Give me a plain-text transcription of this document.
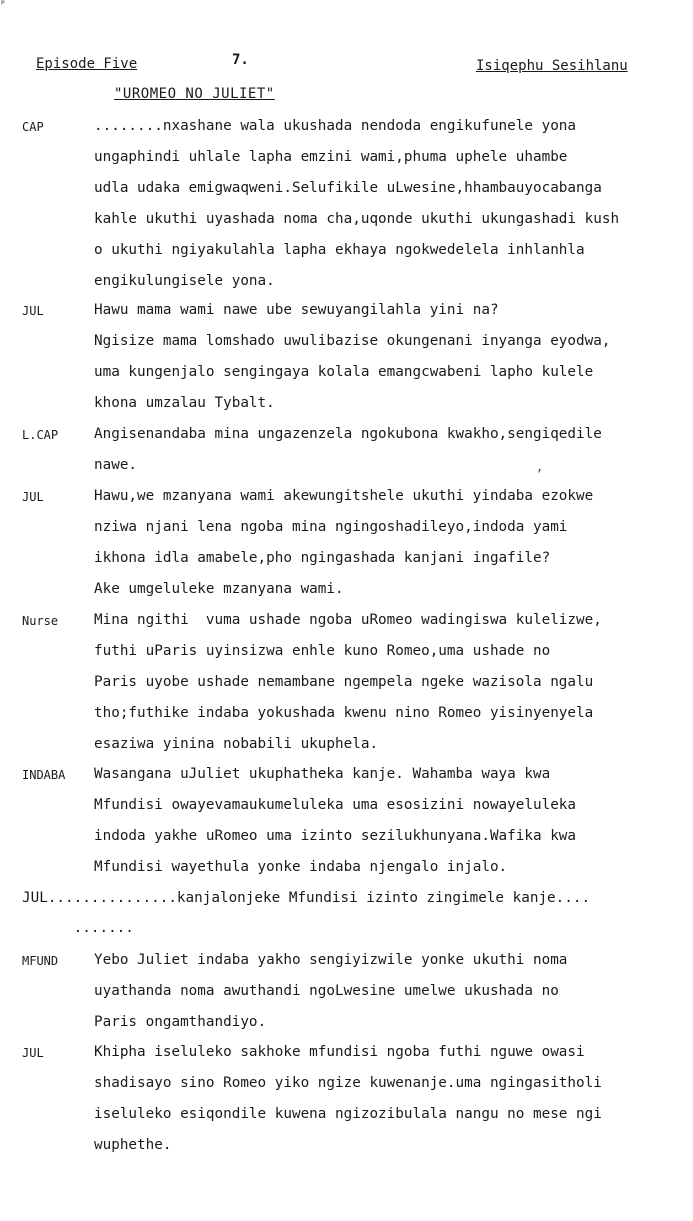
ᴾ
Episode Five	7.	Isiqephu Sesihlanu
"UROMEO NO JULIET"
CAP	........nxashane wala ukushada nendoda engikufunele yona
ungaphindi uhlale lapha emzini wami,phuma uphele uhambe
udla udaka emigwaqweni.Selufikile uLwesine,hhambauyocabanga
kahle ukuthi uyashada noma cha,uqonde ukuthi ukungashadi kush
o ukuthi ngiyakulahla lapha ekhaya ngokwedelela inhlanhla
engikulungisele yona.
JUL	Hawu mama wami nawe ube sewuyangilahla yini na?
Ngisize mama lomshado uwulibazise okungenani inyanga eyodwa,
uma kungenjalo sengingaya kolala emangcwabeni lapho kulele
khona umzalau Tybalt.
L.CAP	Angisenandaba mina ungazenzela ngokubona kwakho,sengiqedile
nawe.	,
JUL	Hawu,we mzanyana wami akewungitshele ukuthi yindaba ezokwe
nziwa njani lena ngoba mina ngingoshadileyo,indoda yami
ikhona idla amabele,pho ngingashada kanjani ingafile?
Ake umgeluleke mzanyana wami.
Nurse	Mina ngithi  vuma ushade ngoba uRomeo wadingiswa kulelizwe,
futhi uParis uyinsizwa enhle kuno Romeo,uma ushade no
Paris uyobe ushade nemambane ngempela ngeke wazisola ngalu
tho;futhike indaba yokushada kwenu nino Romeo yisinyenyela
esaziwa yinina nobabili ukuphela.
INDABA Wasangana uJuliet ukuphatheka kanje. Wahamba waya kwa
Mfundisi owayevamaukumeluleka uma esosizini nowayeluleka
indoda yakhe uRomeo uma izinto sezilukhunyana.Wafika kwa
Mfundisi wayethula yonke indaba njengalo injalo.
JUL...............kanjalonjeke Mfundisi izinto zingimele kanje....
.......
MFUND	Yebo Juliet indaba yakho sengiyizwile yonke ukuthi noma
uyathanda noma awuthandi ngoLwesine umelwe ukushada no
Paris ongamthandiyo.
JUL	Khipha iseluleko sakhoke mfundisi ngoba futhi nguwe owasi
shadisayo sino Romeo yiko ngize kuwenanje.uma ngingasitholi
iseluleko esiqondile kuwena ngizozibulala nangu no mese ngi
wuphethe.
